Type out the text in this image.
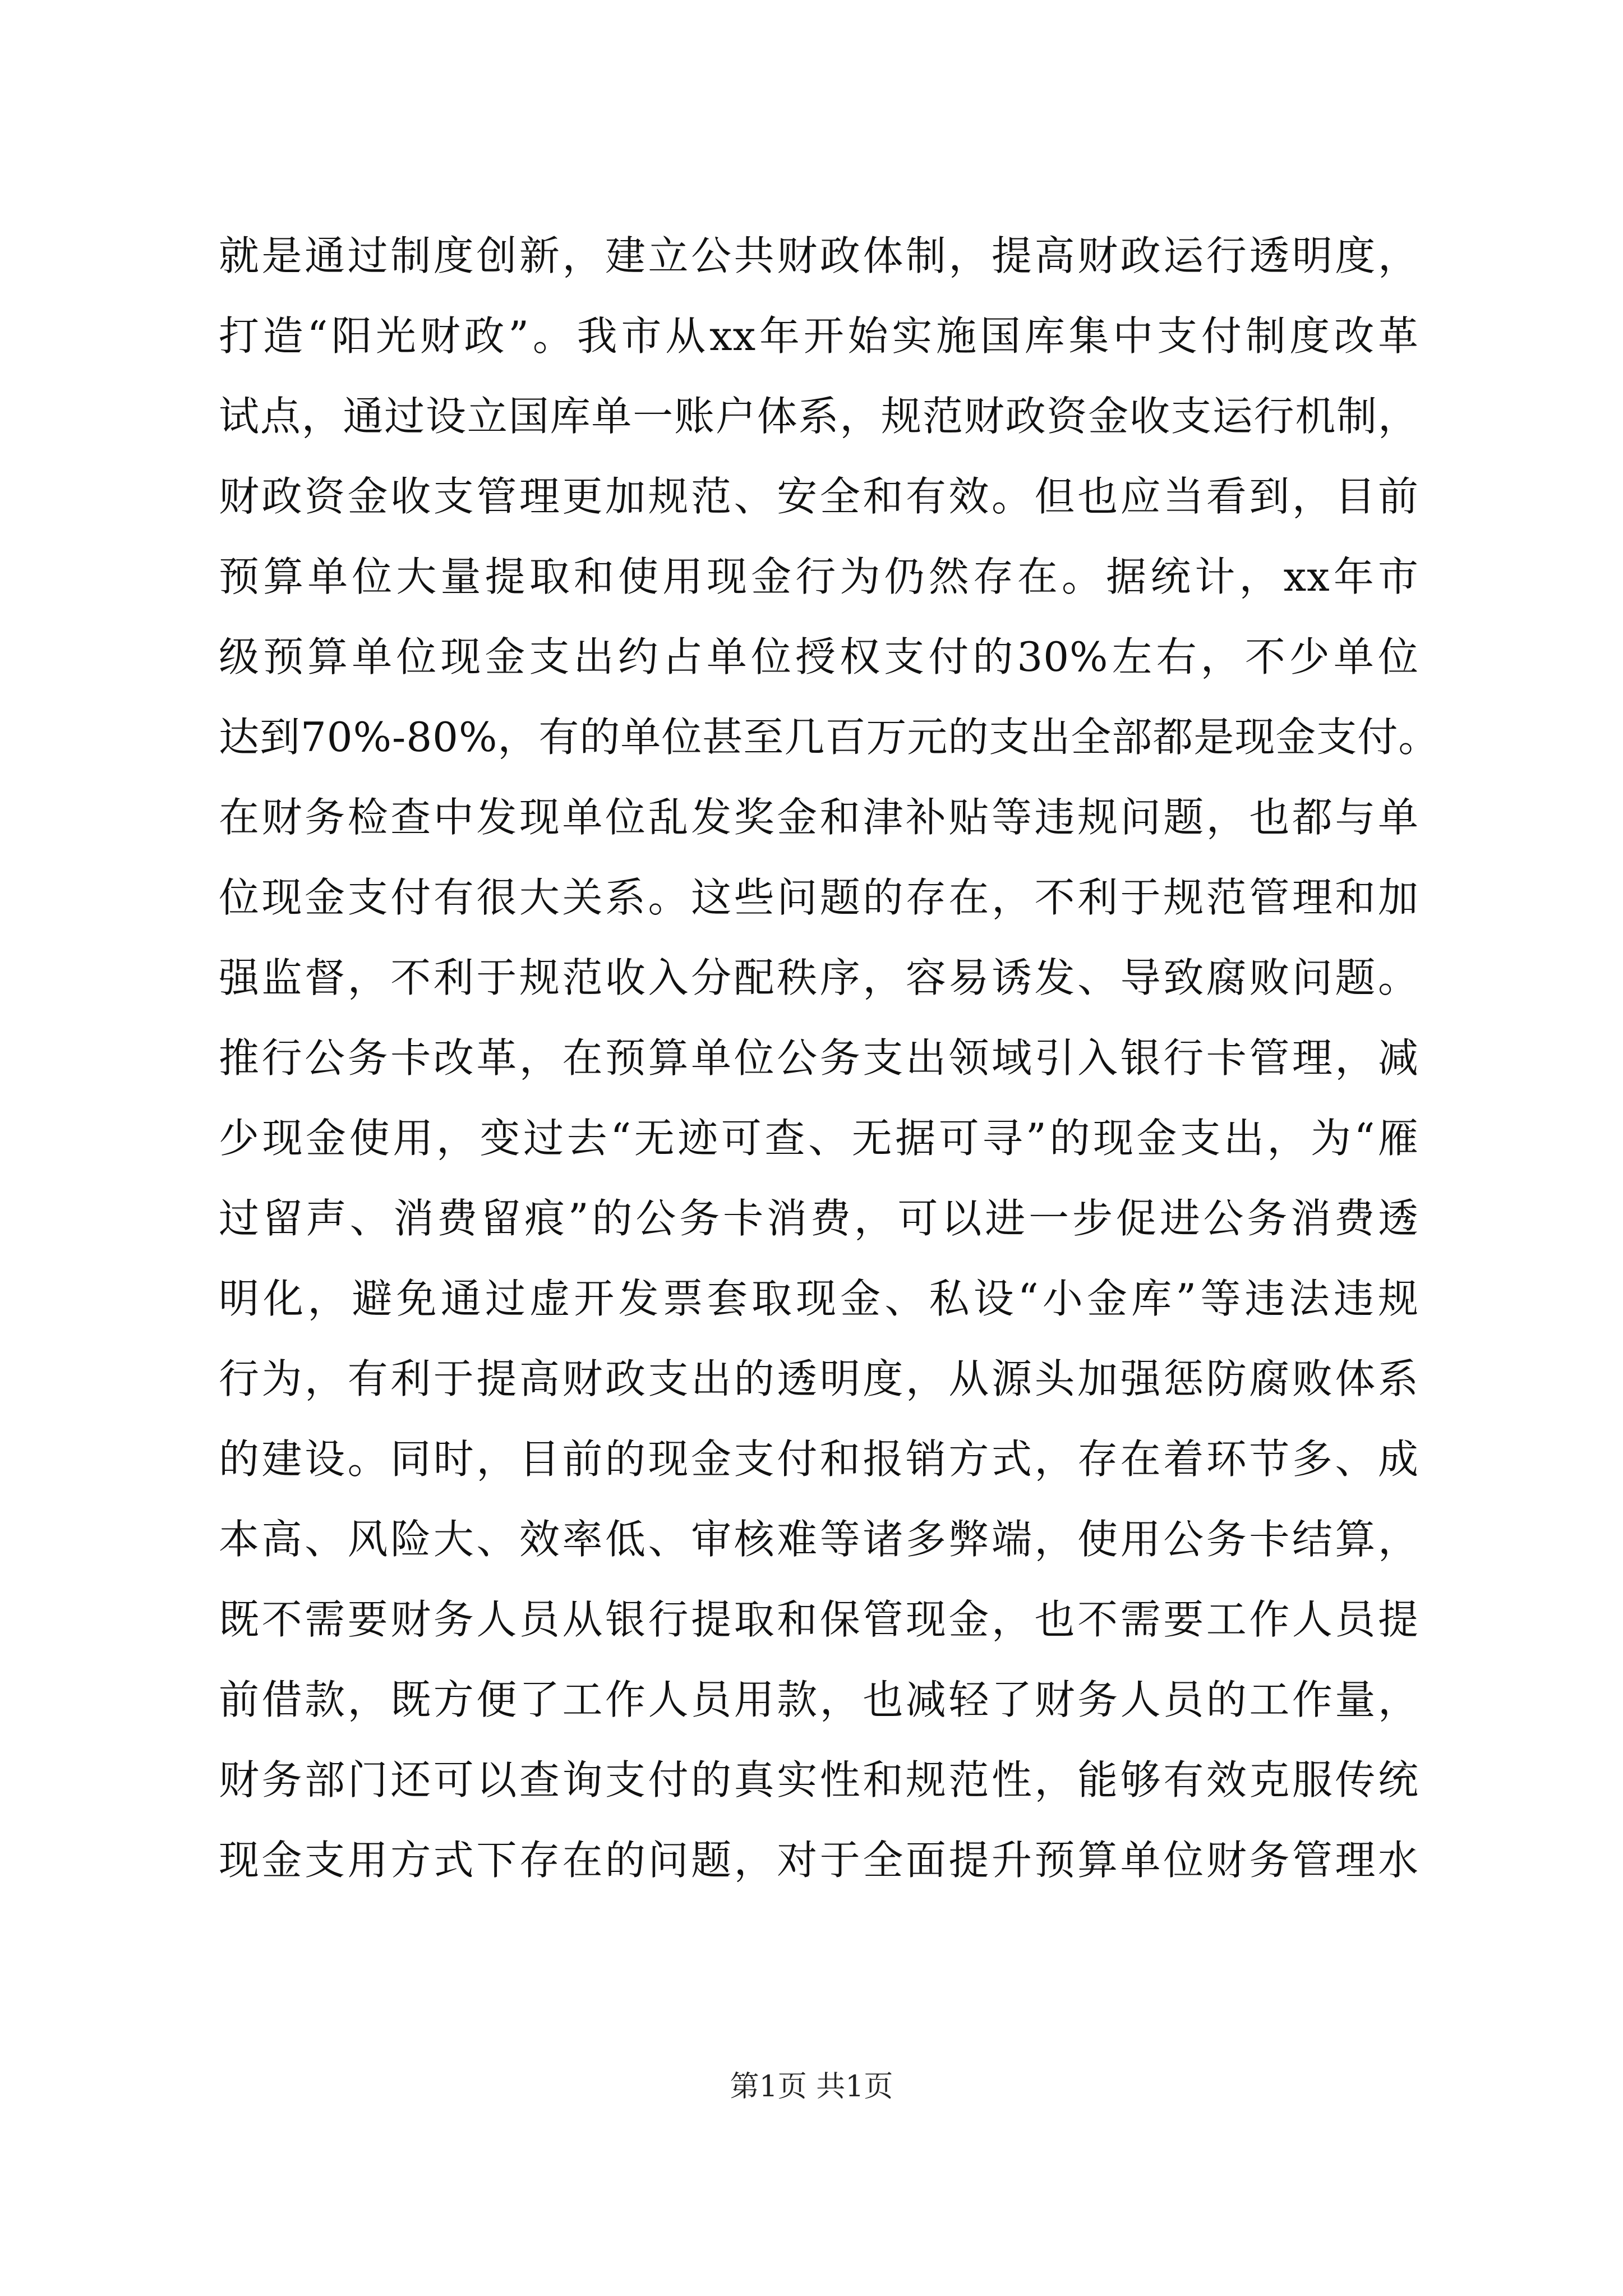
就是通过制度创新，建立公共财政体制，提高财政运行透明度，
打造“阳光财政”。我市从xx年开始实施国库集中支付制度改革
试点，通过设立国库单一账户体系，规范财政资金收支运行机制，
财政资金收支管理更加规范、安全和有效。但也应当看到，目前
预算单位大量提取和使用现金行为仍然存在。据统计，xx年市
级预算单位现金支出约占单位授权支付的30%左右，不少单位
达到70%-80%，有的单位甚至几百万元的支出全部都是现金支付。
在财务检查中发现单位乱发奖金和津补贴等违规问题，也都与单
位现金支付有很大关系。这些问题的存在，不利于规范管理和加
强监督，不利于规范收入分配秩序，容易诱发、导致腐败问题。
推行公务卡改革，在预算单位公务支出领域引入银行卡管理，减
少现金使用，变过去“无迹可查、无据可寻”的现金支出，为“雁
过留声、消费留痕”的公务卡消费，可以进一步促进公务消费透
明化，避免通过虚开发票套取现金、私设“小金库”等违法违规
行为，有利于提高财政支出的透明度，从源头加强惩防腐败体系
的建设。同时，目前的现金支付和报销方式，存在着环节多、成
本高、风险大、效率低、审核难等诸多弊端，使用公务卡结算，
既不需要财务人员从银行提取和保管现金，也不需要工作人员提
前借款，既方便了工作人员用款，也减轻了财务人员的工作量，
财务部门还可以查询支付的真实性和规范性，能够有效克服传统
现金支用方式下存在的问题，对于全面提升预算单位财务管理水
第1页 共1页
